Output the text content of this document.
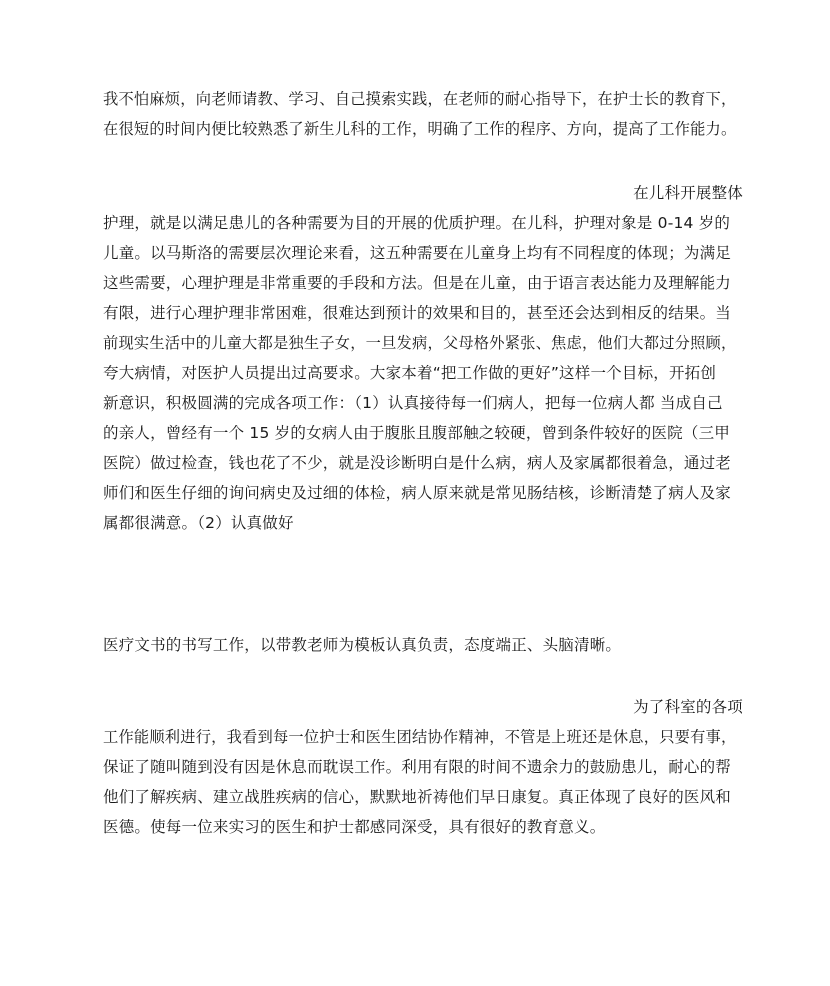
我不怕麻烦，向老师请教、学习、自己摸索实践，在老师的耐心指导下，在护士长的教育下，
在很短的时间内便比较熟悉了新生儿科的工作，明确了工作的程序、方向，提高了工作能力。
在儿科开展整体
护理，就是以满足患儿的各种需要为目的开展的优质护理。在儿科，护理对象是 0-14 岁的
儿童。以马斯洛的需要层次理论来看，这五种需要在儿童身上均有不同程度的体现；为满足
这些需要，心理护理是非常重要的手段和方法。但是在儿童，由于语言表达能力及理解能力
有限，进行心理护理非常困难，很难达到预计的效果和目的，甚至还会达到相反的结果。当
前现实生活中的儿童大都是独生子女，一旦发病，父母格外紧张、焦虑，他们大都过分照顾，
夸大病情，对医护人员提出过高要求。大家本着“把工作做的更好”这样一个目标，开拓创
新意识，积极圆满的完成各项工作：（1）认真接待每一们病人，把每一位病人都 当成自己
的亲人，曾经有一个 15 岁的女病人由于腹胀且腹部触之较硬，曾到条件较好的医院（三甲
医院）做过检查，钱也花了不少，就是没诊断明白是什么病，病人及家属都很着急，通过老
师们和医生仔细的询问病史及过细的体检，病人原来就是常见肠结核，诊断清楚了病人及家
属都很满意。（2）认真做好
医疗文书的书写工作，以带教老师为模板认真负责，态度端正、头脑清晰。
为了科室的各项
工作能顺利进行，我看到每一位护士和医生团结协作精神，不管是上班还是休息，只要有事，
保证了随叫随到没有因是休息而耽误工作。利用有限的时间不遗余力的鼓励患儿，耐心的帮
他们了解疾病、建立战胜疾病的信心，默默地祈祷他们早日康复。真正体现了良好的医风和
医德。使每一位来实习的医生和护士都感同深受，具有很好的教育意义。
